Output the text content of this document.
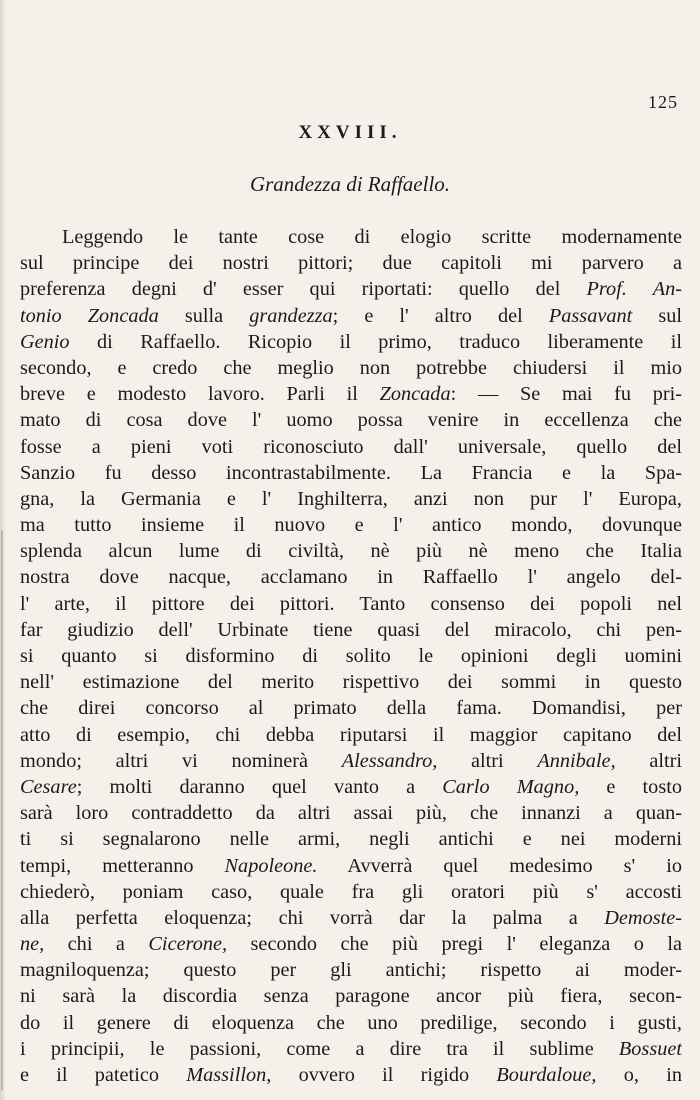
125
XXVIII.
Grandezza di Raffaello.
Leggendo le tante cose di elogio scritte modernamente
sul principe dei nostri pittori; due capitoli mi parvero a
preferenza degni d' esser qui riportati: quello del Prof. An-
tonio Zoncada sulla grandezza; e l' altro del Passavant sul
Genio di Raffaello. Ricopio il primo, traduco liberamente il
secondo, e credo che meglio non potrebbe chiudersi il mio
breve e modesto lavoro. Parli il Zoncada: — Se mai fu pri-
mato di cosa dove l' uomo possa venire in eccellenza che
fosse a pieni voti riconosciuto dall' universale, quello del
Sanzio fu desso incontrastabilmente. La Francia e la Spa-
gna, la Germania e l' Inghilterra, anzi non pur l' Europa,
ma tutto insieme il nuovo e l' antico mondo, dovunque
splenda alcun lume di civiltà, nè più nè meno che Italia
nostra dove nacque, acclamano in Raffaello l' angelo del-
l' arte, il pittore dei pittori. Tanto consenso dei popoli nel
far giudizio dell' Urbinate tiene quasi del miracolo, chi pen-
si quanto si disformino di solito le opinioni degli uomini
nell' estimazione del merito rispettivo dei sommi in questo
che direi concorso al primato della fama. Domandisi, per
atto di esempio, chi debba riputarsi il maggior capitano del
mondo; altri vi nominerà Alessandro, altri Annibale, altri
Cesare; molti daranno quel vanto a Carlo Magno, e tosto
sarà loro contraddetto da altri assai più, che innanzi a quan-
ti si segnalarono nelle armi, negli antichi e nei moderni
tempi, metteranno Napoleone. Avverrà quel medesimo s' io
chiederò, poniam caso, quale fra gli oratori più s' accosti
alla perfetta eloquenza; chi vorrà dar la palma a Demoste-
ne, chi a Cicerone, secondo che più pregi l' eleganza o la
magniloquenza; questo per gli antichi; rispetto ai moder-
ni sarà la discordia senza paragone ancor più fiera, secon-
do il genere di eloquenza che uno predilige, secondo i gusti,
i principii, le passioni, come a dire tra il sublime Bossuet
e il patetico Massillon, ovvero il rigido Bourdaloue, o, in
